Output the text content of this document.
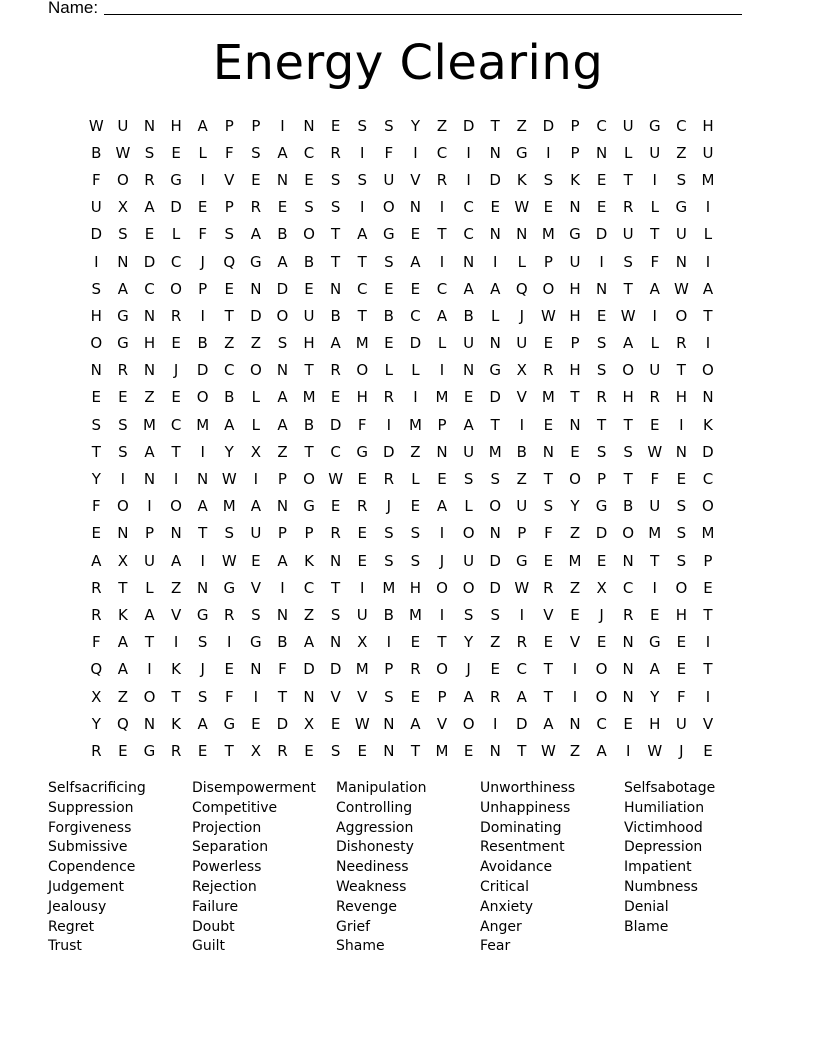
Name:
Energy Clearing
W U	N	H	A	P	P	I	N	E	S	S	Y	Z	D	T	Z	D	P	C	U	G	C	H
B W S	E	L	F	S	A	C	R	I	F	I	C	I	N	G	I	P	N	L	U	Z	U
F	O	R	G	I	V	E	N	E	S	S	U	V	R	I	D	K	S	K	E	T	I	S	M
U	X	A	D	E	P	R	E	S	S	I	O	N	I	C	E W E	N	E	R	L	G	I
D	S	E	L	F	S	A	B	O	T	A	G	E	T	C	N	N M G	D	U	T	U	L
I	N	D	C	J	Q G	A	B	T	T	S	A	I	N	I	L	P	U	I	S	F	N	I
S	A	C	O	P	E	N	D	E	N	C	E	E	C	A	A	Q O	H	N	T	A W A
H	G	N	R	I	T	D O	U	B	T	B	C	A	B	L	J	W H	E W	I	O	T
O G	H	E	B	Z	Z	S	H	A M	E	D	L	U	N	U	E	P	S	A	L	R	I
N	R	N	J	D	C	O	N	T	R	O	L	L	I	N	G	X	R	H	S	O	U	T	O
E	E	Z	E	O	B	L	A M	E	H	R	I	M	E	D	V M	T	R	H	R	H	N
S	S	M C M A	L	A	B	D	F	I	M	P	A	T	I	E	N	T	T	E	I	K
T	S	A	T	I	Y	X	Z	T	C	G	D	Z	N	U M B	N	E	S	S W N	D
Y	I	N	I	N W	I	P	O W E	R	L	E	S	S	Z	T	O	P	T	F	E	C
F	O	I	O	A M A	N	G	E	R	J	E	A	L	O	U	S	Y	G	B	U	S	O
E	N	P	N	T	S	U	P	P	R	E	S	S	I	O	N	P	F	Z	D O M	S	M
A	X	U	A	I	W E	A	K	N	E	S	S	J	U	D	G	E	M	E	N	T	S	P
R	T	L	Z	N	G	V	I	C	T	I	M H	O O D W R	Z	X	C	I	O	E
R	K	A	V	G	R	S	N	Z	S	U	B M	I	S	S	I	V	E	J	R	E	H	T
F	A	T	I	S	I	G	B	A	N	X	I	E	T	Y	Z	R	E	V	E	N	G	E	I
Q	A	I	K	J	E	N	F	D	D M	P	R	O	J	E	C	T	I	O	N	A	E	T
X	Z	O	T	S	F	I	T	N	V	V	S	E	P	A	R	A	T	I	O	N	Y	F	I
Y	Q	N	K	A	G	E	D	X	E W N	A	V	O	I	D	A	N	C	E	H	U	V
R	E	G	R	E	T	X	R	E	S	E	N	T	M	E	N	T W Z	A	I	W	J	E
Selfsacrificing
Suppression
Forgiveness
Submissive
Copendence
Judgement
Jealousy
Regret
Trust
Disempowerment
Competitive
Projection
Separation
Powerless
Rejection
Failure
Doubt
Guilt
Manipulation
Controlling
Aggression
Dishonesty
Neediness
Weakness
Revenge
Grief
Shame
Unworthiness
Unhappiness
Dominating
Resentment
Avoidance
Critical
Anxiety
Anger
Fear
Selfsabotage
Humiliation
Victimhood
Depression
Impatient
Numbness
Denial
Blame
